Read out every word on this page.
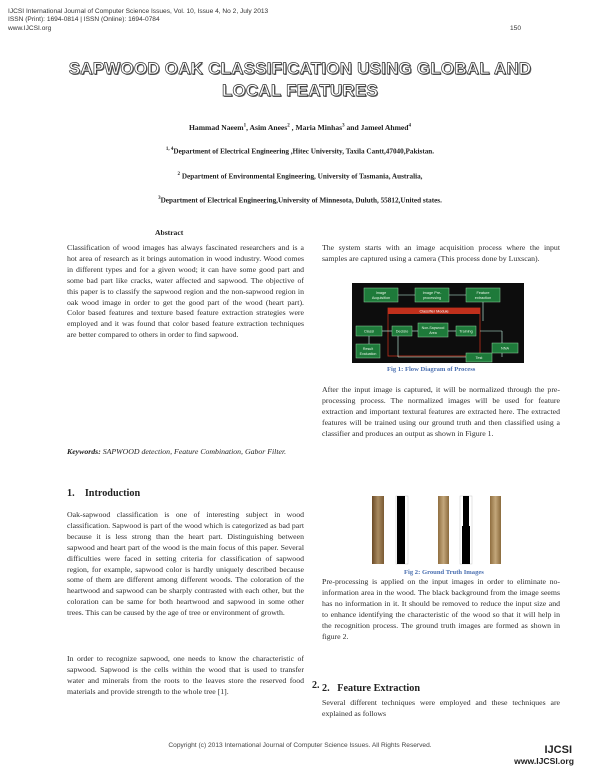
IJCSI International Journal of Computer Science Issues, Vol. 10, Issue 4, No 2, July 2013
ISSN (Print): 1694-0814 | ISSN (Online): 1694-0784
www.IJCSI.org	150
SAPWOOD OAK CLASSIFICATION USING GLOBAL AND
LOCAL FEATURES
Hammad Naeem$^1$, Asim Anees$^2$ , Maria Minhas$^3$ and Jameel Ahmed$^4$
$^{1, 4}$Department of Electrical Engineering ,Hitec University, Taxila Cantt,47040,Pakistan.
$^2$ Department of Environmental Engineering, University of Tasmania, Australia,
$^3$Department of Electrical Engineering,University of Minnesota, Duluth, 55812,United states.
Abstract
Classification of wood images has always fascinated researchers and is a hot area of research as it brings automation in wood industry. Wood comes in different types and for a given wood; it can have some good part and some bad part like cracks, water affected and sapwood. The objective of this paper is to classify the sapwood region and the non-sapwood region in oak wood image in order to get the good part of the wood (heart part). Color based features and texture based feature extraction strategies were employed and it was found that color based feature extraction techniques are better compared to others in order to find sapwood.
Keywords: SAPWOOD detection, Feature Combination, Gabor Filter.
1. Introduction
Oak-sapwood classification is one of interesting subject in wood classification. Sapwood is part of the wood which is categorized as bad part because it is less strong than the heart part. Distinguishing between sapwood and heart part of the wood is the main focus of this paper. Several difficulties were faced in setting criteria for classification of sapwood region, for example, sapwood color is hardly uniquely described because some of them are different among different woods. The coloration of the heartwood and sapwood can be sharply contrasted with each other, but the coloration can be same for both heartwood and sapwood in some other trees. This can be caused by the age of tree or environment of growth.
In order to recognize sapwood, one needs to know the characteristic of sapwood. Sapwood is the cells within the wood that is used to transfer water and minerals from the roots to the leaves store the reserved food materials and provide strength to the whole tree [1].
The system starts with an image acquisition process where the input samples are captured using a camera (This process done by Luxscan).
Image
Acquisition
Image Pre-
processing
Feature
extraction
Classifier Module
Classi	Decisio
Non-Sapwood
Area	Training
NNA
Result
Evaluation
Test
Fig 1: Flow Diagram of Process
After the input image is captured, it will be normalized through the pre-processing process. The normalized images will be used for feature extraction and important textural features are extracted here. The extracted features will be trained using our ground truth and then classified using a classifier and produces an output as shown in Figure 1.
Fig 2: Ground Truth Images
Pre-processing is applied on the input images in order to eliminate no-information area in the wood. The black background from the image seems has no information in it. It should be removed to reduce the input size and to enhance identifying the characteristic of the wood so that it will help in the recognition process. The ground truth images are formed as shown in figure 2.
2. 2. Feature Extraction
Several different techniques were employed and these techniques are explained as follows
Copyright (c) 2013 International Journal of Computer Science Issues. All Rights Reserved.	IJCSI
www.IJCSI.org
